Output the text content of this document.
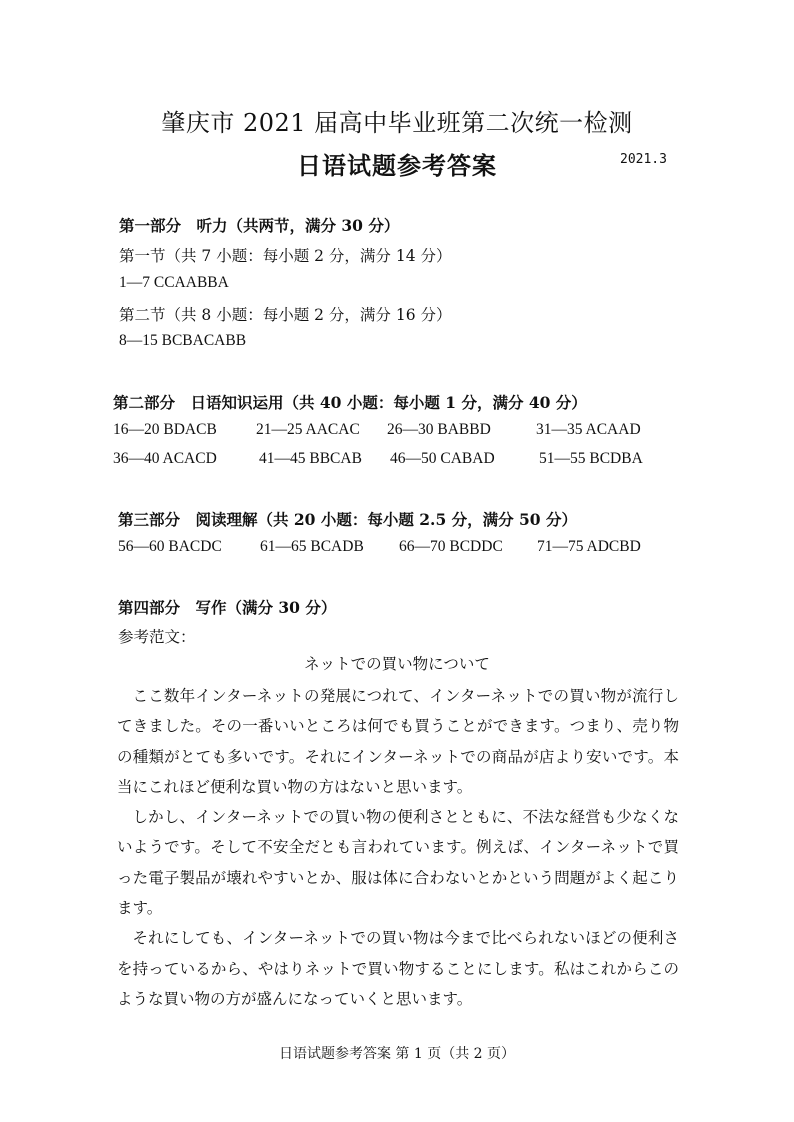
肇庆市 2021 届高中毕业班第二次统一检测
日语试题参考答案	2021.3
第一部分　听力（共两节，满分 30 分）
第一节（共 7 小题：每小题 2 分，满分 14 分）
1—7 CCAABBA
第二节（共 8 小题：每小题 2 分，满分 16 分）
8—15 BCBACABB
第二部分　日语知识运用（共 40 小题：每小题 1 分，满分 40 分）
16—20 BDACB	21—25 AACAC 26—30 BABBD	31—35 ACAAD
36—40 ACACD	41—45 BBCAB 46—50 CABAD	51—55 BCDBA
第三部分　阅读理解（共 20 小题：每小题 2.5 分，满分 50 分）
56—60 BACDC 61—65 BCADB 66—70 BCDDC 71—75 ADCBD
第四部分　写作（满分 30 分）
参考范文：
ネットでの買い物について

ここ数年インターネットの発展につれて、インターネットでの買い物が流行してきました。その一番いいところは何でも買うことができます。つまり、売り物の種類がとても多いです。それにインターネットでの商品が店より安いです。本当にこれほど便利な買い物の方はないと思います。

しかし、インターネットでの買い物の便利さとともに、不法な経営も少なくないようです。そして不安全だとも言われています。例えば、インターネットで買った電子製品が壊れやすいとか、服は体に合わないとかという問題がよく起こります。

それにしても、インターネットでの買い物は今まで比べられないほどの便利さを持っているから、やはりネットで買い物することにします。私はこれからこのような買い物の方が盛んになっていくと思います。

日语试题参考答案 第 1 页（共 2 页）
